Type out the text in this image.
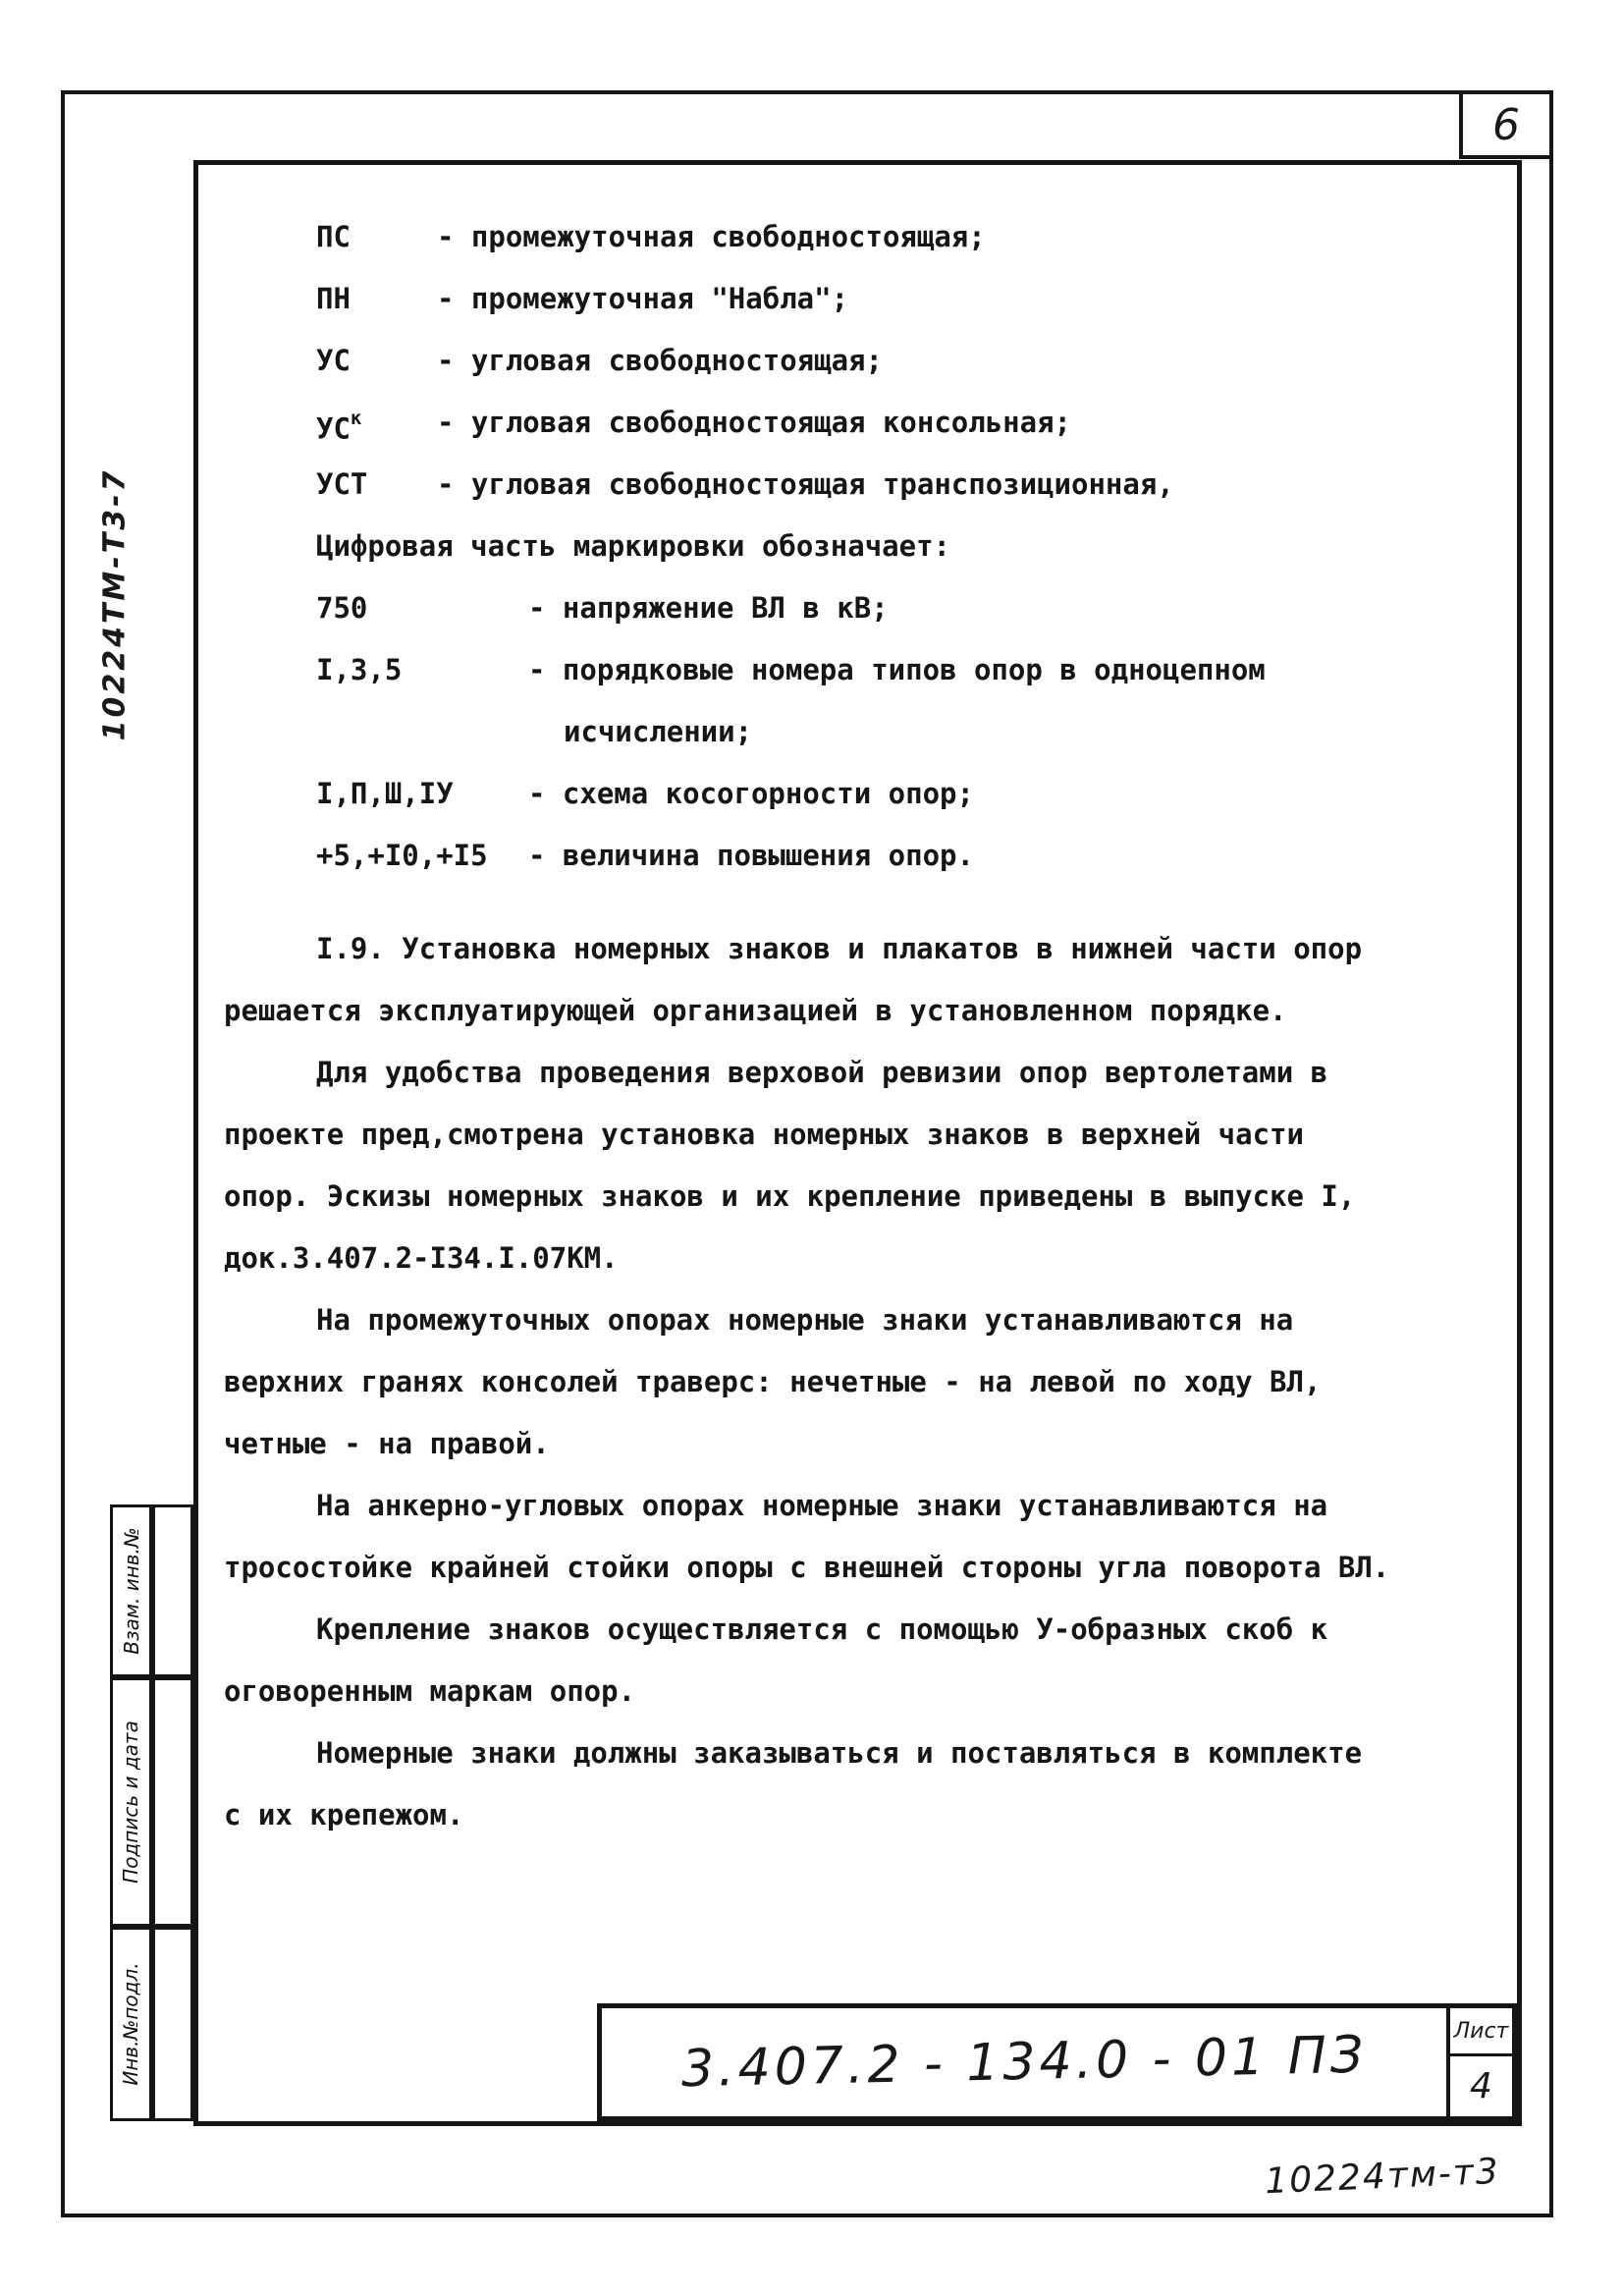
6
10224ТМ-Т3-7
ПС	- промежуточная свободностоящая;
ПН	- промежуточная "Набла";
УС	- угловая свободностоящая;
$УС^к$	- угловая свободностоящая консольная;
УСТ	- угловая свободностоящая транспозиционная,
Цифровая часть маркировки обозначает:
750	- напряжение ВЛ в кВ;
I,3,5	- порядковые номера типов опор в одноцепном
исчислении;
I,П,Ш,IУ	- схема косогорности опор;
+5,+I0,+I5	- величина повышения опор.
I.9. Установка номерных знаков и плакатов в нижней части опор
решается эксплуатирующей организацией в установленном порядке.
Для удобства проведения верховой ревизии опор вертолетами в
проекте пред,смотрена установка номерных знаков в верхней части
опор. Эскизы номерных знаков и их крепление приведены в выпуске I,
док.3.407.2-I34.I.07КМ.
На промежуточных опорах номерные знаки устанавливаются на
верхних гранях консолей траверс: нечетные - на левой по ходу ВЛ,
четные - на правой.
На анкерно-угловых опорах номерные знаки устанавливаются на
тросостойке крайней стойки опоры с внешней стороны угла поворота ВЛ.
Крепление знаков осуществляется с помощью У-образных скоб к
оговоренным маркам опор.
Номерные знаки должны заказываться и поставляться в комплекте
с их крепежом.
Взам. инв.№
Подпись и дата
Инв.№подл.	3.407.2 - 134.0 - 01 ПЗ	Лист
4
10224тм-т3
